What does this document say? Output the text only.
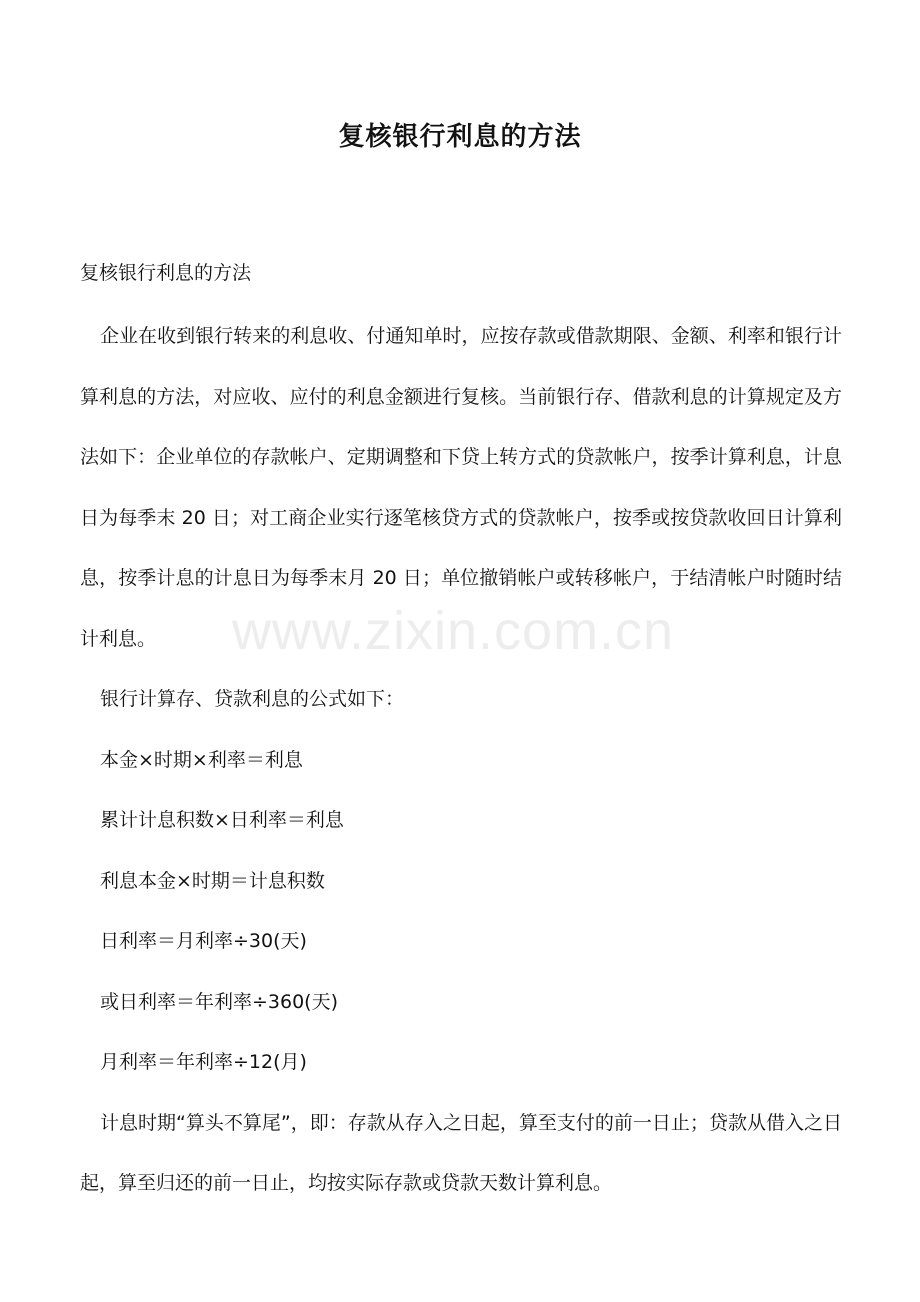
复核银行利息的方法
复核银行利息的方法
www.zixin.com.cn

企业在收到银行转来的利息收、付通知单时，应按存款或借款期限、金额、利率和银行计算利息的方法，对应收、应付的利息金额进行复核。当前银行存、借款利息的计算规定及方法如下：企业单位的存款帐户、定期调整和下贷上转方式的贷款帐户，按季计算利息，计息日为每季末 20 日；对工商企业实行逐笔核贷方式的贷款帐户，按季或按贷款收回日计算利息，按季计息的计息日为每季末月 20 日；单位撤销帐户或转移帐户，于结清帐户时随时结计利息。

银行计算存、贷款利息的公式如下：

本金×时期×利率＝利息

累计计息积数×日利率＝利息

利息本金×时期＝计息积数

日利率＝月利率÷30(天)

或日利率＝年利率÷360(天)

月利率＝年利率÷12(月)

计息时期“算头不算尾”，即：存款从存入之日起，算至支付的前一日止；贷款从借入之日起，算至归还的前一日止，均按实际存款或贷款天数计算利息。
